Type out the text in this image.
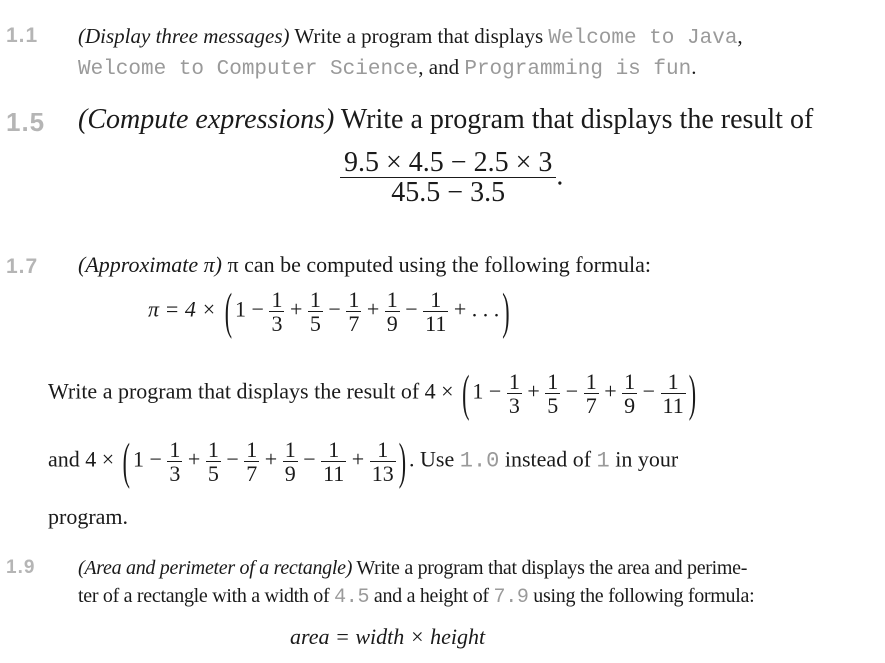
1.1 (Display three messages) Write a program that displays Welcome to Java,
Welcome to Computer Science, and Programming is fun.
1.5 (Compute expressions) Write a program that displays the result of
$\frac{9.5 \times 4.5 - 2.5 \times 3}{45.5 - 3.5}$ .
1.7 (Approximate π) π can be computed using the following formula:
π = 4 × ( $1 - \frac{1}{3} + \frac{1}{5} - \frac{1}{7} + \frac{1}{9} - \frac{1}{11}$ + . . . )
Write a program that displays the result of 4 × ( $1 - \frac{1}{3} + \frac{1}{5} - \frac{1}{7} + \frac{1}{9} - \frac{1}{11}$ )
and 4 × ( $1 - \frac{1}{3} + \frac{1}{5} - \frac{1}{7} + \frac{1}{9} - \frac{1}{11} + \frac{1}{13}$ ) . Use 1.0 instead of 1 in your
program.
1.9 (Area and perimeter of a rectangle) Write a program that displays the area and perime-
ter of a rectangle with a width of 4.5 and a height of 7.9 using the following formula:
area = width × height
